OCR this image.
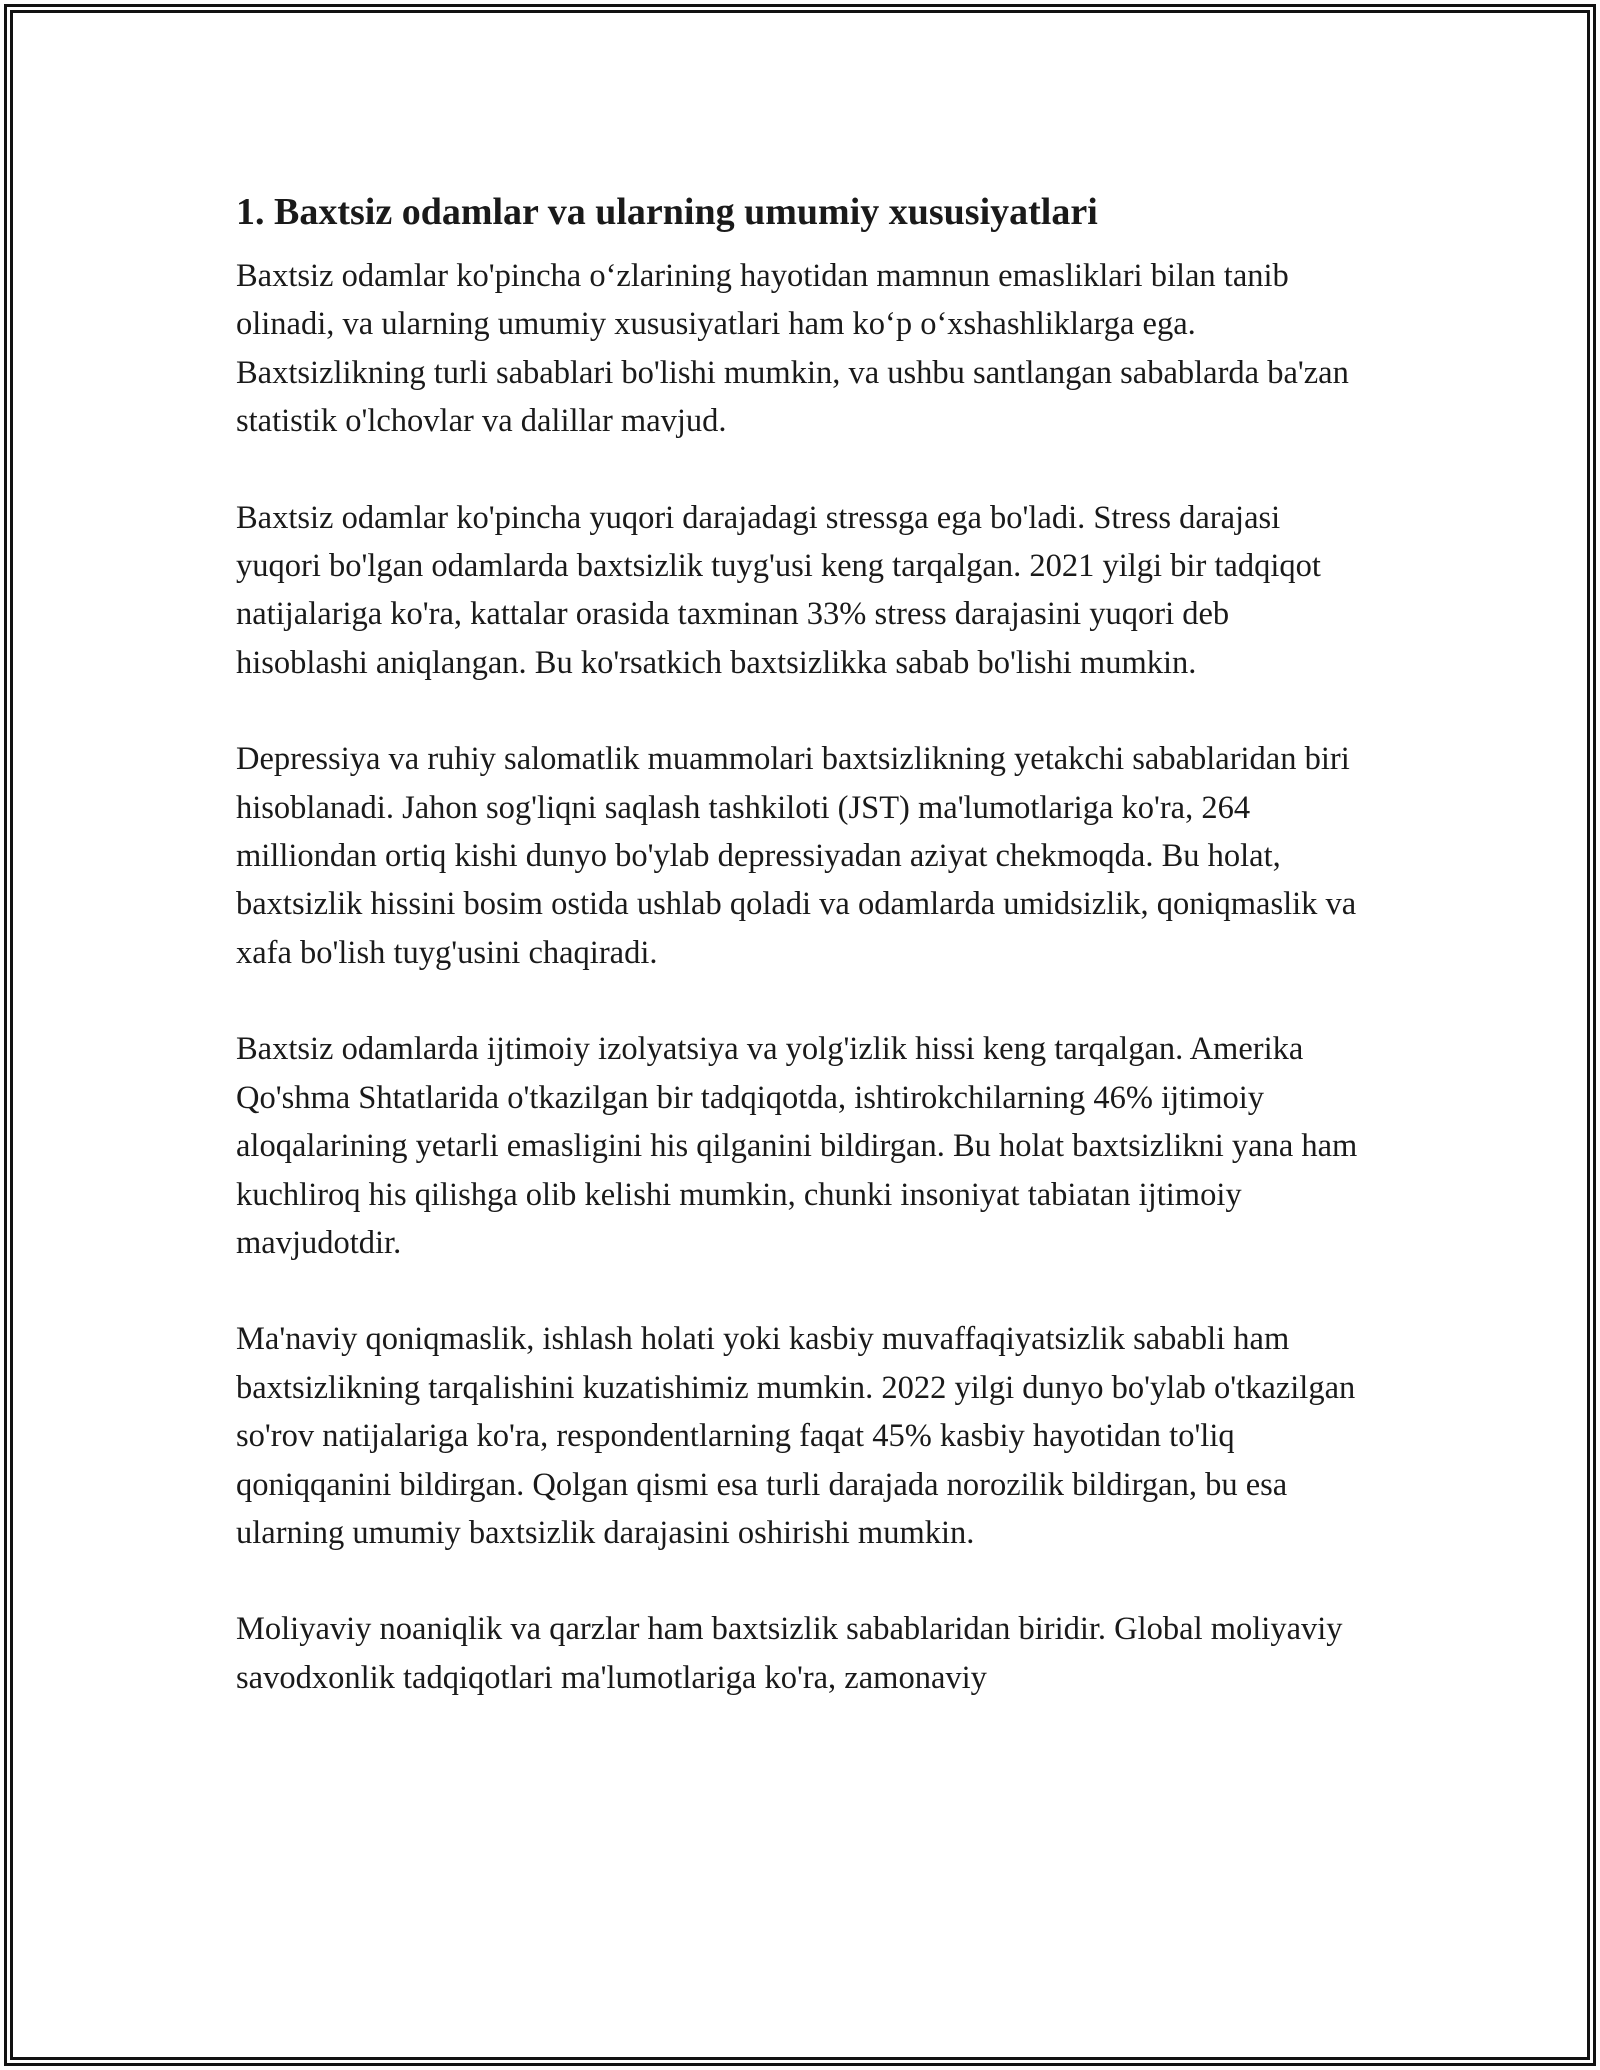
1. Baxtsiz odamlar va ularning umumiy xususiyatlari

Baxtsiz odamlar ko'pincha oʻzlarining hayotidan mamnun emasliklari bilan tanib olinadi, va ularning umumiy xususiyatlari ham koʻp oʻxshashliklarga ega. Baxtsizlikning turli sabablari bo'lishi mumkin, va ushbu santlangan sabablarda ba'zan statistik o'lchovlar va dalillar mavjud.

Baxtsiz odamlar ko'pincha yuqori darajadagi stressga ega bo'ladi. Stress darajasi yuqori bo'lgan odamlarda baxtsizlik tuyg'usi keng tarqalgan. 2021 yilgi bir tadqiqot natijalariga ko'ra, kattalar orasida taxminan 33% stress darajasini yuqori deb hisoblashi aniqlangan. Bu ko'rsatkich baxtsizlikka sabab bo'lishi mumkin.

Depressiya va ruhiy salomatlik muammolari baxtsizlikning yetakchi sabablaridan biri hisoblanadi. Jahon sog'liqni saqlash tashkiloti (JST) ma'lumotlariga ko'ra, 264 milliondan ortiq kishi dunyo bo'ylab depressiyadan aziyat chekmoqda. Bu holat, baxtsizlik hissini bosim ostida ushlab qoladi va odamlarda umidsizlik, qoniqmaslik va xafa bo'lish tuyg'usini chaqiradi.

Baxtsiz odamlarda ijtimoiy izolyatsiya va yolg'izlik hissi keng tarqalgan. Amerika Qo'shma Shtatlarida o'tkazilgan bir tadqiqotda, ishtirokchilarning 46% ijtimoiy aloqalarining yetarli emasligini his qilganini bildirgan. Bu holat baxtsizlikni yana ham kuchliroq his qilishga olib kelishi mumkin, chunki insoniyat tabiatan ijtimoiy mavjudotdir.

Ma'naviy qoniqmaslik, ishlash holati yoki kasbiy muvaffaqiyatsizlik sababli ham baxtsizlikning tarqalishini kuzatishimiz mumkin. 2022 yilgi dunyo bo'ylab o'tkazilgan so'rov natijalariga ko'ra, respondentlarning faqat 45% kasbiy hayotidan to'liq qoniqqanini bildirgan. Qolgan qismi esa turli darajada norozilik bildirgan, bu esa ularning umumiy baxtsizlik darajasini oshirishi mumkin.

Moliyaviy noaniqlik va qarzlar ham baxtsizlik sabablaridan biridir. Global moliyaviy savodxonlik tadqiqotlari ma'lumotlariga ko'ra, zamonaviy
